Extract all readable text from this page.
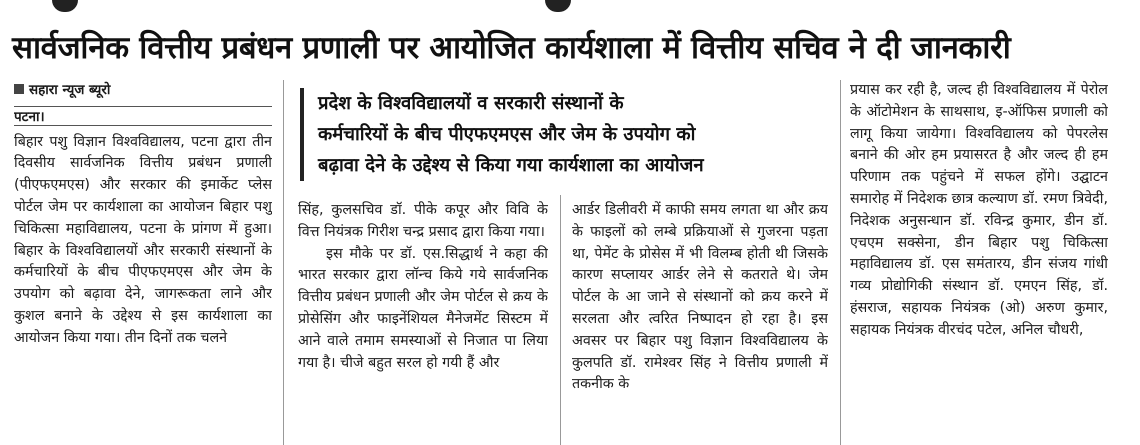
सार्वजनिक वित्तीय प्रबंधन प्रणाली पर आयोजित कार्यशाला में वित्तीय सचिव ने दी जानकारी

सहारा न्यूज ब्यूरो

पटना।

बिहार पशु विज्ञान विश्वविद्यालय, पटना द्वारा तीन दिवसीय सार्वजनिक वित्तीय प्रबंधन प्रणाली (पीएफएमएस) और सरकार की इमार्केट प्लेस पोर्टल जेम पर कार्यशाला का आयोजन बिहार पशु चिकित्सा महाविद्यालय, पटना के प्रांगण में हुआ। बिहार के विश्वविद्यालयों और सरकारी संस्थानों के कर्मचारियों के बीच पीएफएमएस और जेम के उपयोग को बढ़ावा देने, जागरूकता लाने और कुशल बनाने के उद्देश्य से इस कार्यशाला का आयोजन किया गया। तीन दिनों तक चलने

प्रदेश के विश्वविद्यालयों व सरकारी संस्थानों के

कर्मचारियों के बीच पीएफएमएस और जेम के उपयोग को

बढ़ावा देने के उद्देश्य से किया गया कार्यशाला का आयोजन

सिंह, कुलसचिव डॉ. पीके कपूर और विवि के वित्त नियंत्रक गिरीश चन्द्र प्रसाद द्वारा किया गया।

इस मौके पर डॉ. एस.सिद्धार्थ ने कहा की भारत सरकार द्वारा लॉन्च किये गये सार्वजनिक वित्तीय प्रबंधन प्रणाली और जेम पोर्टल से क्रय के प्रोसेसिंग और फाइनेंशियल मैनेजमेंट सिस्टम में आने वाले तमाम समस्याओं से निजात पा लिया गया है। चीजे बहुत सरल हो गयी हैं और

आर्डर डिलीवरी में काफी समय लगता था और क्रय के फाइलों को लम्बे प्रक्रियाओं से गुजरना पड़ता था, पेमेंट के प्रोसेस में भी विलम्ब होती थी जिसके कारण सप्लायर आर्डर लेने से कतराते थे। जेम पोर्टल के आ जाने से संस्थानों को क्रय करने में सरलता और त्वरित निष्पादन हो रहा है। इस अवसर पर बिहार पशु विज्ञान विश्वविद्यालय के कुलपति डॉ. रामेश्वर सिंह ने वित्तीय प्रणाली में तकनीक के

प्रयास कर रही है, जल्द ही विश्वविद्यालय में पेरोल के ऑटोमेशन के साथसाथ, इ-ऑफिस प्रणाली को लागू किया जायेगा। विश्वविद्यालय को पेपरलेस बनाने की ओर हम प्रयासरत है और जल्द ही हम परिणाम तक पहुंचने में सफल होंगे। उद्घाटन समारोह में निदेशक छात्र कल्याण डॉ. रमण त्रिवेदी, निदेशक अनुसन्धान डॉ. रविन्द्र कुमार, डीन डॉ. एचएम सक्सेना, डीन बिहार पशु चिकित्सा महाविद्यालय डॉ. एस समंतारय, डीन संजय गांधी गव्य प्रोद्योगिकी संस्थान डॉ. एमएन सिंह, डॉ. हंसराज, सहायक नियंत्रक (ओ) अरुण कुमार, सहायक नियंत्रक वीरचंद पटेल, अनिल चौधरी,
